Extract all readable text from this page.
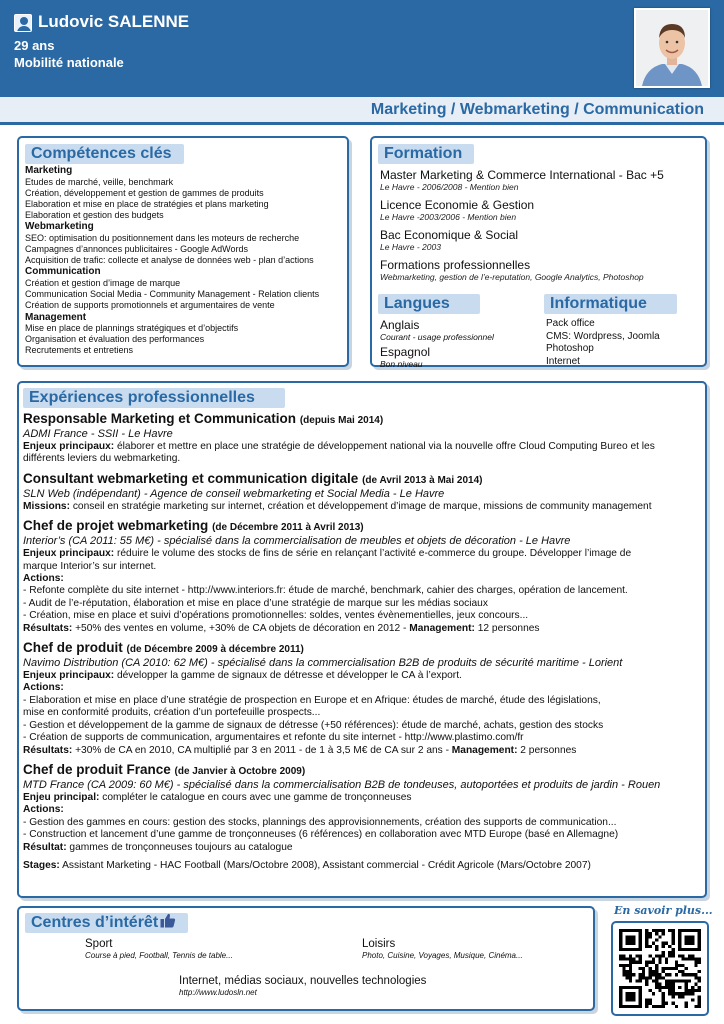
Ludovic SALENNE
29 ans
Mobilité nationale
Marketing / Webmarketing / Communication
Compétences clés
Marketing
Etudes de marché, veille, benchmark
Création, développement et gestion de gammes de produits
Elaboration et mise en place de stratégies et plans marketing
Elaboration et gestion des budgets
Webmarketing
SEO: optimisation du positionnement dans les moteurs de recherche
Campagnes d’annonces publicitaires - Google AdWords
Acquisition de trafic: collecte et analyse de données web - plan d’actions
Communication
Création et gestion d’image de marque
Communication Social Media - Community Management - Relation clients
Création de supports promotionnels et argumentaires de vente
Management
Mise en place de plannings stratégiques et d’objectifs
Organisation et évaluation des performances
Recrutements et entretiens
Formation
Master Marketing & Commerce International - Bac +5
Le Havre - 2006/2008 - Mention bien
Licence Economie & Gestion
Le Havre -2003/2006 - Mention bien
Bac Economique & Social
Le Havre - 2003
Formations professionnelles
Webmarketing, gestion de l’e-reputation, Google Analytics, Photoshop
Langues
Anglais
Courant - usage professionnel
Espagnol
Bon niveau
Informatique
Pack office
CMS: Wordpress, Joomla
Photoshop
Internet
Expériences professionnelles
Responsable Marketing et Communication (depuis Mai 2014)
ADMI France - SSII - Le Havre
Enjeux principaux: élaborer et mettre en place une stratégie de développement national via la nouvelle offre Cloud Computing Bureo et les
différents leviers du webmarketing.
Consultant webmarketing et communication digitale (de Avril 2013 à Mai 2014)
SLN Web (indépendant) - Agence de conseil webmarketing et Social Media - Le Havre
Missions: conseil en stratégie marketing sur internet, création et développement d’image de marque, missions de community management
Chef de projet webmarketing (de Décembre 2011 à Avril 2013)
Interior’s (CA 2011: 55 M€) - spécialisé dans la commercialisation de meubles et objets de décoration - Le Havre
Enjeux principaux: réduire le volume des stocks de fins de série en relançant l’activité e-commerce du groupe. Développer l’image de
marque Interior’s sur internet.
Actions:
- Refonte complète du site internet - http://www.interiors.fr: étude de marché, benchmark, cahier des charges, opération de lancement.
- Audit de l’e-réputation, élaboration et mise en place d’une stratégie de marque sur les médias sociaux
- Création, mise en place et suivi d’opérations promotionnelles: soldes, ventes évènementielles, jeux concours...
Résultats: +50% des ventes en volume, +30% de CA objets de décoration en 2012 - Management: 12 personnes
Chef de produit (de Décembre 2009 à décembre 2011)
Navimo Distribution (CA 2010: 62 M€) - spécialisé dans la commercialisation B2B de produits de sécurité maritime - Lorient
Enjeux principaux: développer la gamme de signaux de détresse et développer le CA à l’export.
Actions:
- Elaboration et mise en place d’une stratégie de prospection en Europe et en Afrique: études de marché, étude des législations,
mise en conformité produits, création d’un portefeuille prospects...
- Gestion et développement de la gamme de signaux de détresse (+50 références): étude de marché, achats, gestion des stocks
- Création de supports de communication, argumentaires et refonte du site internet - http://www.plastimo.com/fr
Résultats: +30% de CA en 2010, CA multiplié par 3 en 2011 - de 1 à 3,5 M€ de CA sur 2 ans - Management: 2 personnes
Chef de produit France (de Janvier à Octobre 2009)
MTD France (CA 2009: 60 M€) - spécialisé dans la commercialisation B2B de tondeuses, autoportées et produits de jardin - Rouen
Enjeu principal: compléter le catalogue en cours avec une gamme de tronçonneuses
Actions:
- Gestion des gammes en cours: gestion des stocks, plannings des approvisionnements, création des supports de communication...
- Construction et lancement d’une gamme de tronçonneuses (6 références) en collaboration avec MTD Europe (basé en Allemagne)
Résultat: gammes de tronçonneuses toujours au catalogue
Stages: Assistant Marketing - HAC Football (Mars/Octobre 2008), Assistant commercial - Crédit Agricole (Mars/Octobre 2007)
Centres d’intérêt
Sport
Course à pied, Football, Tennis de table...
Loisirs
Photo, Cuisine, Voyages, Musique, Cinéma...
Internet, médias sociaux, nouvelles technologies
http://www.ludosln.net
En savoir plus...
